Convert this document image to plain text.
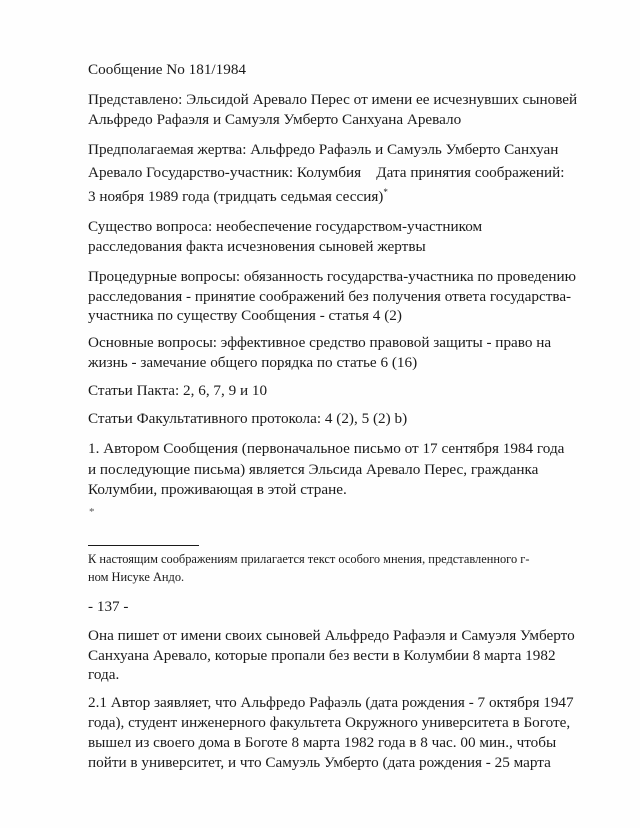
Сообщение No 181/1984
Представлено: Эльсидой Аревало Перес от имени ее исчезнувших сыновей
Альфредо Рафаэля и Самуэля Умберто Санхуана Аревало
Предполагаемая жертва: Альфредо Рафаэль и Самуэль Умберто Санхуан
Аревало Государство-участник: Колумбия    Дата принятия соображений:
3 ноября 1989 года (тридцать седьмая сессия)*
Существо вопроса: необеспечение государством-участником
расследования факта исчезновения сыновей жертвы
Процедурные вопросы: обязанность государства-участника по проведению
расследования - принятие соображений без получения ответа государства-
участника по существу Сообщения - статья 4 (2)
Основные вопросы: эффективное средство правовой защиты - право на
жизнь - замечание общего порядка по статье 6 (16)
Статьи Пакта: 2, 6, 7, 9 и 10
Статьи Факультативного протокола: 4 (2), 5 (2) b)
1. Автором Сообщения (первоначальное письмо от 17 сентября 1984 года
и последующие письма) является Эльсида Аревало Перес, гражданка
Колумбии, проживающая в этой стране.
*
К настоящим соображениям прилагается текст особого мнения, представленного г-
ном Нисуке Андо.
- 137 -
Она пишет от имени своих сыновей Альфредо Рафаэля и Самуэля Умберто
Санхуана Аревало, которые пропали без вести в Колумбии 8 марта 1982
года.
2.1 Автор заявляет, что Альфредо Рафаэль (дата рождения - 7 октября 1947
года), студент инженерного факультета Окружного университета в Боготе,
вышел из своего дома в Боготе 8 марта 1982 года в 8 час. 00 мин., чтобы
пойти в университет, и что Самуэль Умберто (дата рождения - 25 марта
